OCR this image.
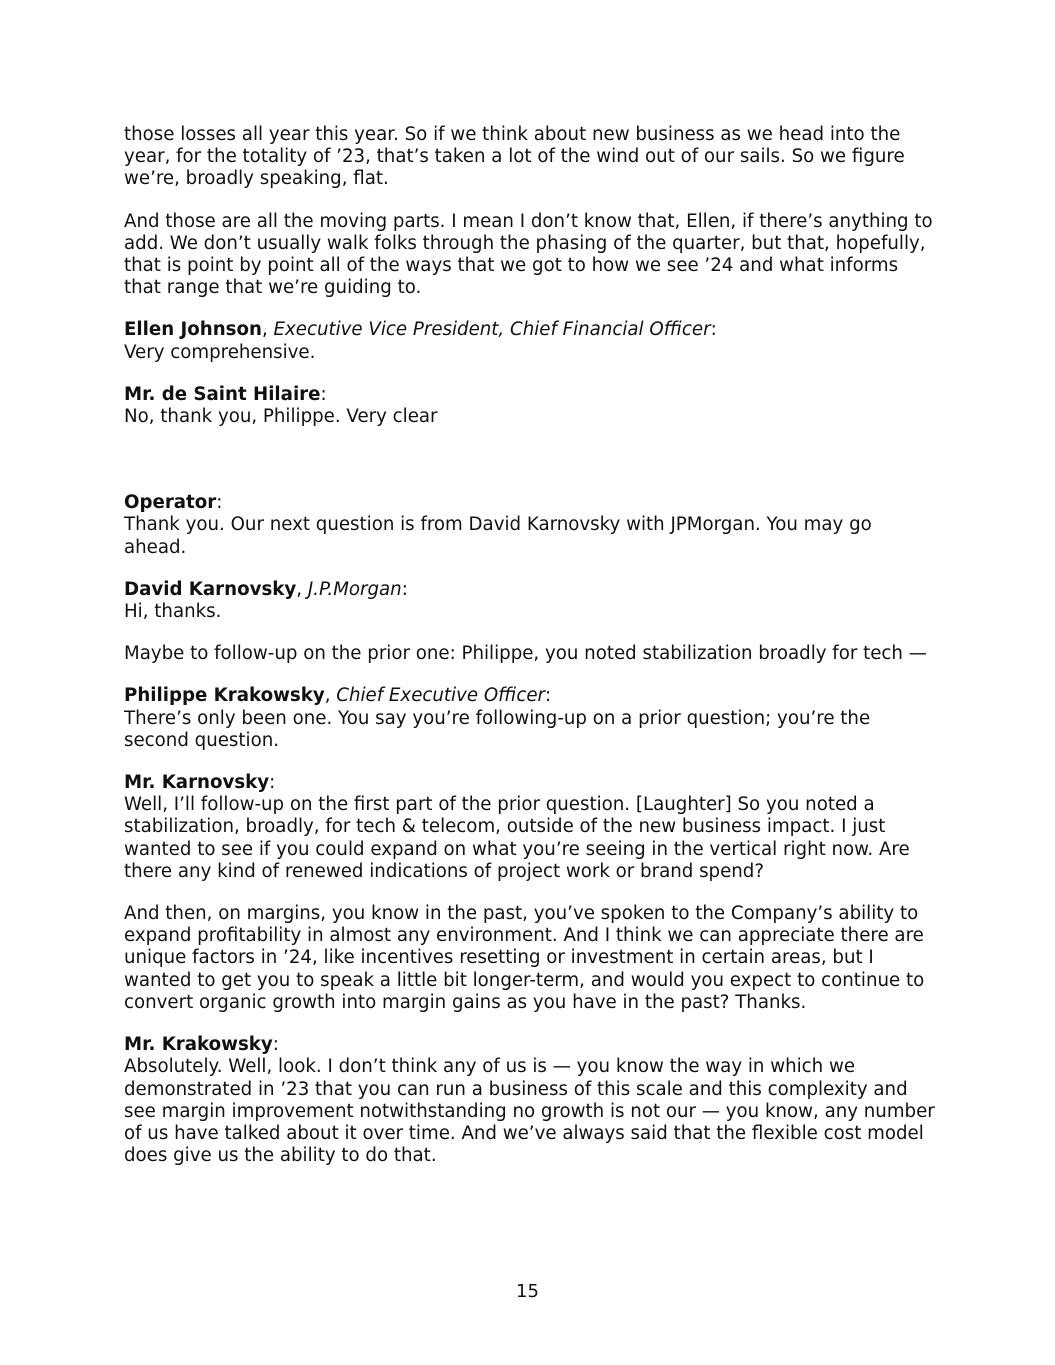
those losses all year this year. So if we think about new business as we head into the year, for the totality of ’23, that’s taken a lot of the wind out of our sails. So we figure we’re, broadly speaking, flat.

And those are all the moving parts. I mean I don’t know that, Ellen, if there’s anything to add. We don’t usually walk folks through the phasing of the quarter, but that, hopefully, that is point by point all of the ways that we got to how we see ’24 and what informs that range that we’re guiding to.

Ellen Johnson, Executive Vice President, Chief Financial Officer:

Very comprehensive.

Mr. de Saint Hilaire:

No, thank you, Philippe. Very clear

Operator:

Thank you. Our next question is from David Karnovsky with JPMorgan. You may go ahead.

David Karnovsky, J.P.Morgan:

Hi, thanks.

Maybe to follow-up on the prior one: Philippe, you noted stabilization broadly for tech —

Philippe Krakowsky, Chief Executive Officer:

There’s only been one. You say you’re following-up on a prior question; you’re the second question.

Mr. Karnovsky:

Well, I’ll follow-up on the first part of the prior question. [Laughter] So you noted a stabilization, broadly, for tech & telecom, outside of the new business impact. I just wanted to see if you could expand on what you’re seeing in the vertical right now. Are there any kind of renewed indications of project work or brand spend?

And then, on margins, you know in the past, you’ve spoken to the Company’s ability to expand profitability in almost any environment. And I think we can appreciate there are unique factors in ’24, like incentives resetting or investment in certain areas, but I wanted to get you to speak a little bit longer-term, and would you expect to continue to convert organic growth into margin gains as you have in the past? Thanks.

Mr. Krakowsky:

Absolutely. Well, look. I don’t think any of us is — you know the way in which we demonstrated in ’23 that you can run a business of this scale and this complexity and see margin improvement notwithstanding no growth is not our — you know, any number of us have talked about it over time. And we’ve always said that the flexible cost model does give us the ability to do that.

15
